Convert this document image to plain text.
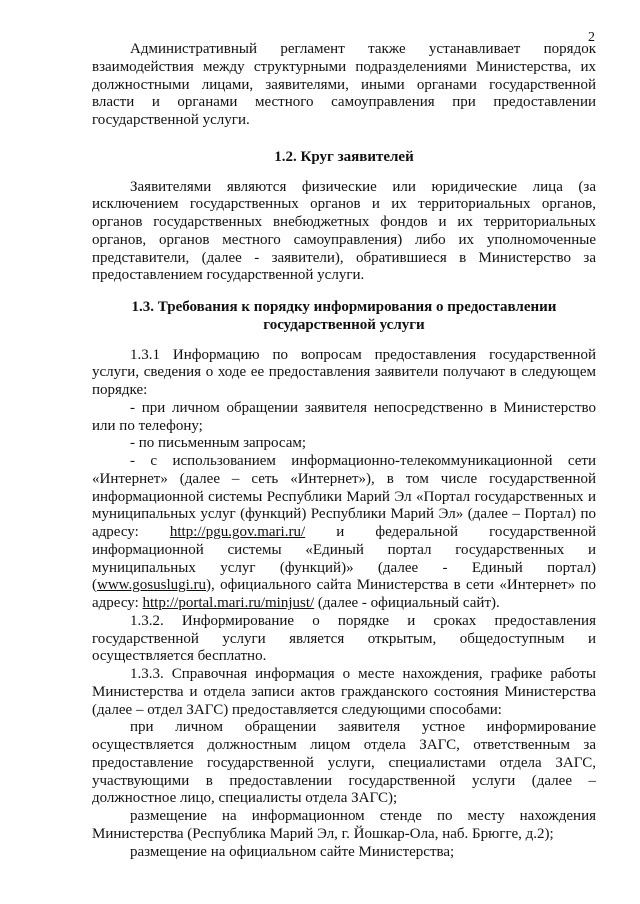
2

Административный регламент также устанавливает порядок взаимодействия между структурными подразделениями Министерства, их должностными лицами, заявителями, иными органами государственной власти и органами местного самоуправления при предоставлении государственной услуги.

1.2. Круг заявителей

Заявителями являются физические или юридические лица (за исключением государственных органов и их территориальных органов, органов государственных внебюджетных фондов и их территориальных органов, органов местного самоуправления) либо их уполномоченные представители, (далее - заявители), обратившиеся в Министерство за предоставлением государственной услуги.

1.3. Требования к порядку информирования о предоставлении государственной услуги

1.3.1 Информацию по вопросам предоставления государственной услуги, сведения о ходе ее предоставления заявители получают в следующем порядке:

- при личном обращении заявителя непосредственно в Министерство или по телефону;

- по письменным запросам;

- с использованием информационно-телекоммуникационной сети «Интернет» (далее – сеть «Интернет»), в том числе государственной информационной системы Республики Марий Эл «Портал государственных и муниципальных услуг (функций) Республики Марий Эл» (далее – Портал) по адресу: http://pgu.gov.mari.ru/ и федеральной государственной информационной системы «Единый портал государственных и муниципальных услуг (функций)» (далее - Единый портал) (www.gosuslugi.ru), официального сайта Министерства в сети «Интернет» по адресу: http://portal.mari.ru/minjust/ (далее - официальный сайт).

1.3.2. Информирование о порядке и сроках предоставления государственной услуги является открытым, общедоступным и осуществляется бесплатно.

1.3.3. Справочная информация о месте нахождения, графике работы Министерства и отдела записи актов гражданского состояния Министерства (далее – отдел ЗАГС) предоставляется следующими способами:

при личном обращении заявителя устное информирование осуществляется должностным лицом отдела ЗАГС, ответственным за предоставление государственной услуги, специалистами отдела ЗАГС, участвующими в предоставлении государственной услуги (далее – должностное лицо, специалисты отдела ЗАГС);

размещение на информационном стенде по месту нахождения Министерства (Республика Марий Эл, г. Йошкар-Ола, наб. Брюгге, д.2);

размещение на официальном сайте Министерства;
